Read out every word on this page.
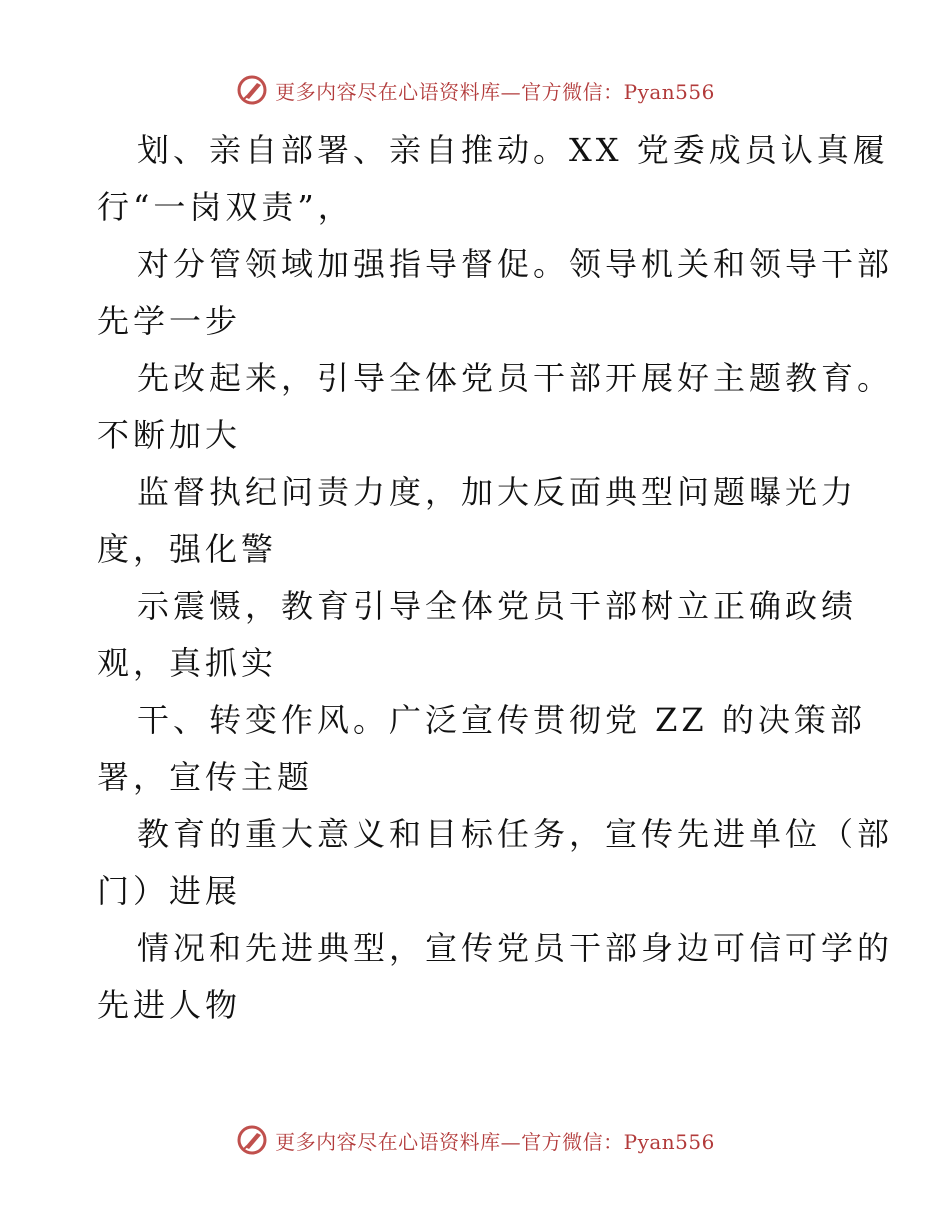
更多内容尽在心语资料库—官方微信：Pyan556
划、亲自部署、亲自推动。XX 党委成员认真履
行“一岗双责”，
对分管领域加强指导督促。领导机关和领导干部
先学一步
先改起来，引导全体党员干部开展好主题教育。
不断加大
监督执纪问责力度，加大反面典型问题曝光力
度，强化警
示震慑，教育引导全体党员干部树立正确政绩
观，真抓实
干、转变作风。广泛宣传贯彻党 ZZ 的决策部
署，宣传主题
教育的重大意义和目标任务，宣传先进单位（部
门）进展
情况和先进典型，宣传党员干部身边可信可学的
先进人物
更多内容尽在心语资料库—官方微信：Pyan556
